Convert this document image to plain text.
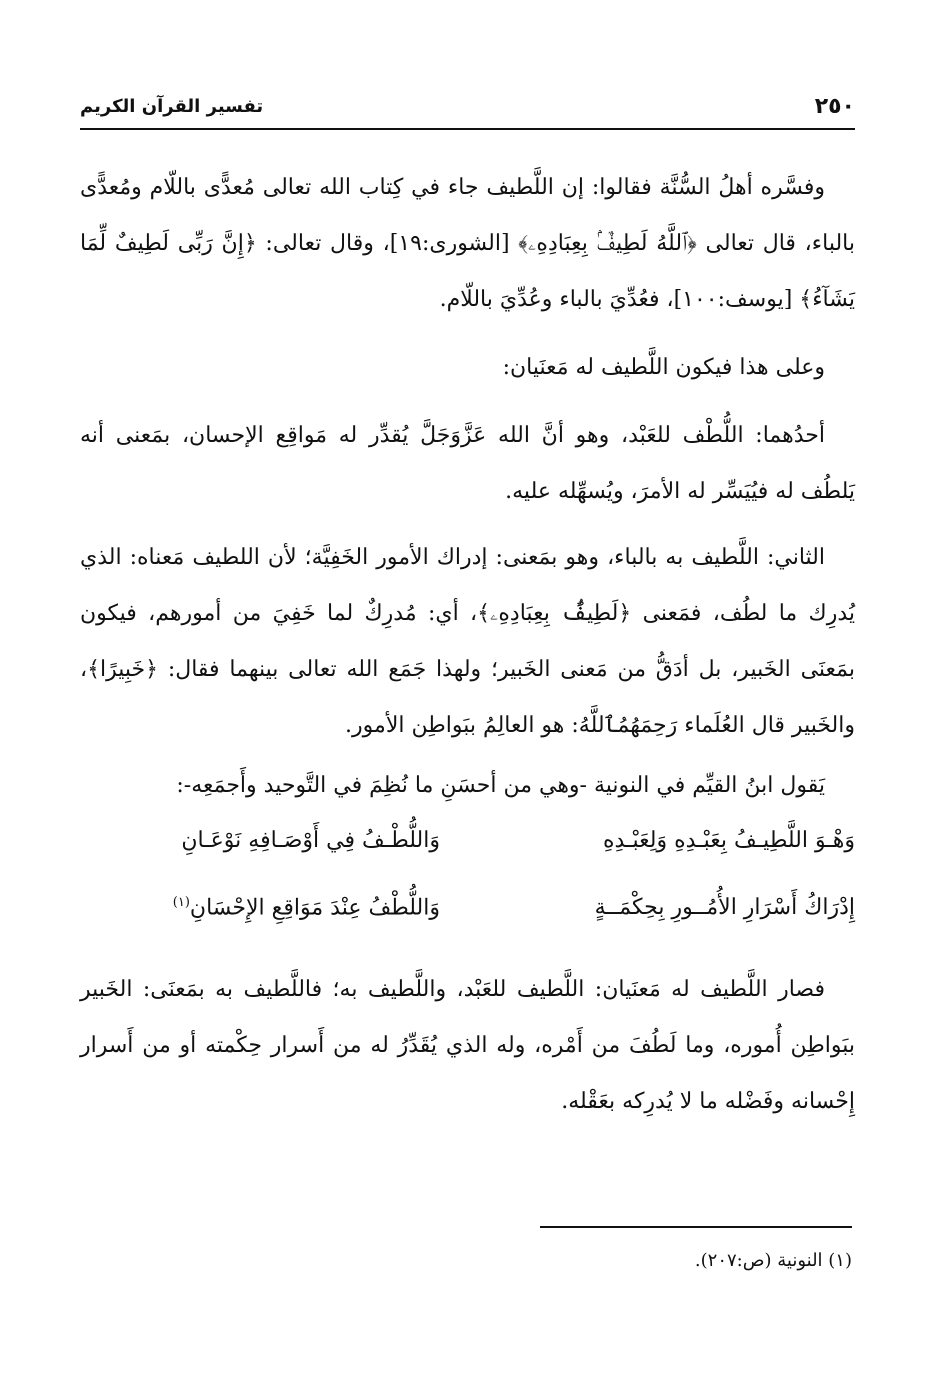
٢٥٠
تفسير القرآن الكريم
وفسَّره أهلُ السُّنَّة فقالوا: إن اللَّطيف جاء في كِتاب الله تعالى مُعدًّى باللّام ومُعدًّى بالباء، قال تعالى ﴿ٱللَّهُ لَطِيفٌۢ بِعِبَادِهِۦ﴾ [الشورى:١٩]، وقال تعالى: ﴿إِنَّ رَبِّى لَطِيفٌ لِّمَا يَشَآءُ﴾ [يوسف:١٠٠]، فعُدِّيَ بالباء وعُدِّيَ باللّام.
وعلى هذا فيكون اللَّطيف له مَعنَيان:
أحدُهما: اللُّطْف للعَبْد، وهو أنَّ الله عَزَّوَجَلَّ يُقدِّر له مَواقِع الإحسان، بمَعنى أنه يَلطُف له فيُيَسِّر له الأمرَ، ويُسهِّله عليه.
الثاني: اللَّطيف به بالباء، وهو بمَعنى: إدراك الأمور الخَفِيَّة؛ لأن اللطيف مَعناه: الذي يُدرِك ما لطُف، فمَعنى ﴿لَطِيفٌۢ بِعِبَادِهِۦ﴾، أي: مُدرِكٌ لما خَفِيَ من أمورهم، فيكون بمَعنَى الخَبير، بل أدَقُّ من مَعنى الخَبير؛ ولهذا جَمَع الله تعالى بينهما فقال: ﴿خَبِيرًا﴾، والخَبير قال العُلَماء رَحِمَهُمُٱللَّهُ: هو العالِمُ ببَواطِن الأمور.
يَقول ابنُ القيِّم في النونية -وهي من أحسَنِ ما نُظِمَ في التَّوحيد وأَجمَعِه-:
وَهْـوَ اللَّطِيـفُ بِعَبْـدِهِ وَلِعَبْـدِهِ
وَاللُّطْـفُ فِي أَوْصَـافِهِ نَوْعَـانِ
إِدْرَاكُ أَسْرَارِ الأُمُــورِ بِحِكْمَــةٍ
وَاللُّطْفُ عِنْدَ مَوَاقِعِ الإِحْسَانِ$^{(١)}$
فصار اللَّطيف له مَعنَيان: اللَّطيف للعَبْد، واللَّطيف به؛ فاللَّطيف به بمَعنَى: الخَبير ببَواطِن أُموره، وما لَطُفَ من أَمْره، وله الذي يُقَدِّرُ له من أَسرار حِكْمته أو من أَسرار إِحْسانه وفَضْله ما لا يُدرِكه بعَقْله.
(١) النونية (ص:٢٠٧).
